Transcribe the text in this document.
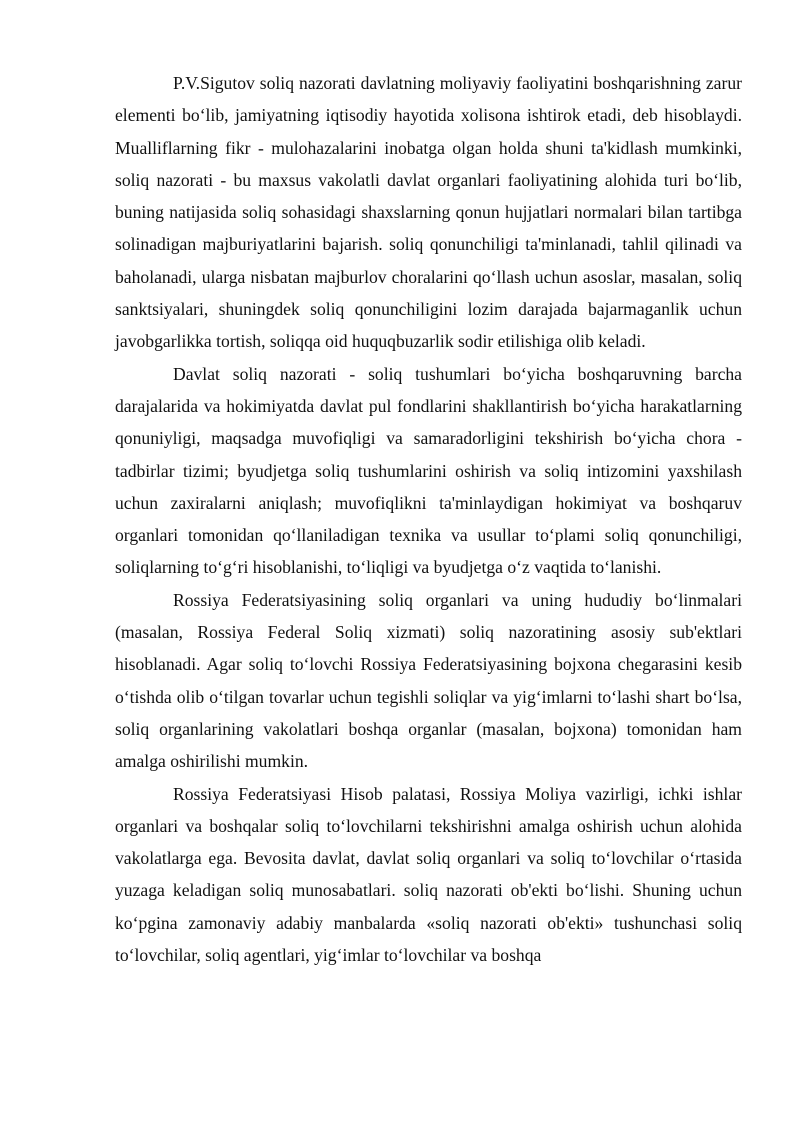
P.V.Sigutov soliq nazorati davlatning moliyaviy faoliyatini boshqarishning zarur elementi boʻlib, jamiyatning iqtisodiy hayotida xolisona ishtirok etadi, deb hisoblaydi. Mualliflarning fikr - mulohazalarini inobatga olgan holda shuni ta'kidlash mumkinki, soliq nazorati - bu maxsus vakolatli davlat organlari faoliyatining alohida turi boʻlib, buning natijasida soliq sohasidagi shaxslarning qonun hujjatlari normalari bilan tartibga solinadigan majburiyatlarini bajarish. soliq qonunchiligi ta'minlanadi, tahlil qilinadi va baholanadi, ularga nisbatan majburlov choralarini qoʻllash uchun asoslar, masalan, soliq sanktsiyalari, shuningdek soliq qonunchiligini lozim darajada bajarmaganlik uchun javobgarlikka tortish, soliqqa oid huquqbuzarlik sodir etilishiga olib keladi.

Davlat soliq nazorati - soliq tushumlari boʻyicha boshqaruvning barcha darajalarida va hokimiyatda davlat pul fondlarini shakllantirish boʻyicha harakatlarning qonuniyligi, maqsadga muvofiqligi va samaradorligini tekshirish boʻyicha chora - tadbirlar tizimi; byudjetga soliq tushumlarini oshirish va soliq intizomini yaxshilash uchun zaxiralarni aniqlash; muvofiqlikni ta'minlaydigan hokimiyat va boshqaruv organlari tomonidan qoʻllaniladigan texnika va usullar toʻplami soliq qonunchiligi, soliqlarning toʻgʻri hisoblanishi, toʻliqligi va byudjetga oʻz vaqtida toʻlanishi.

Rossiya Federatsiyasining soliq organlari va uning hududiy boʻlinmalari (masalan, Rossiya Federal Soliq xizmati) soliq nazoratining asosiy sub'ektlari hisoblanadi. Agar soliq toʻlovchi Rossiya Federatsiyasining bojxona chegarasini kesib oʻtishda olib oʻtilgan tovarlar uchun tegishli soliqlar va yigʻimlarni toʻlashi shart boʻlsa, soliq organlarining vakolatlari boshqa organlar (masalan, bojxona) tomonidan ham amalga oshirilishi mumkin.

Rossiya Federatsiyasi Hisob palatasi, Rossiya Moliya vazirligi, ichki ishlar organlari va boshqalar soliq toʻlovchilarni tekshirishni amalga oshirish uchun alohida vakolatlarga ega. Bevosita davlat, davlat soliq organlari va soliq toʻlovchilar oʻrtasida yuzaga keladigan soliq munosabatlari. soliq nazorati ob'ekti boʻlishi. Shuning uchun koʻpgina zamonaviy adabiy manbalarda «soliq nazorati ob'ekti» tushunchasi soliq toʻlovchilar, soliq agentlari, yigʻimlar toʻlovchilar va boshqa
